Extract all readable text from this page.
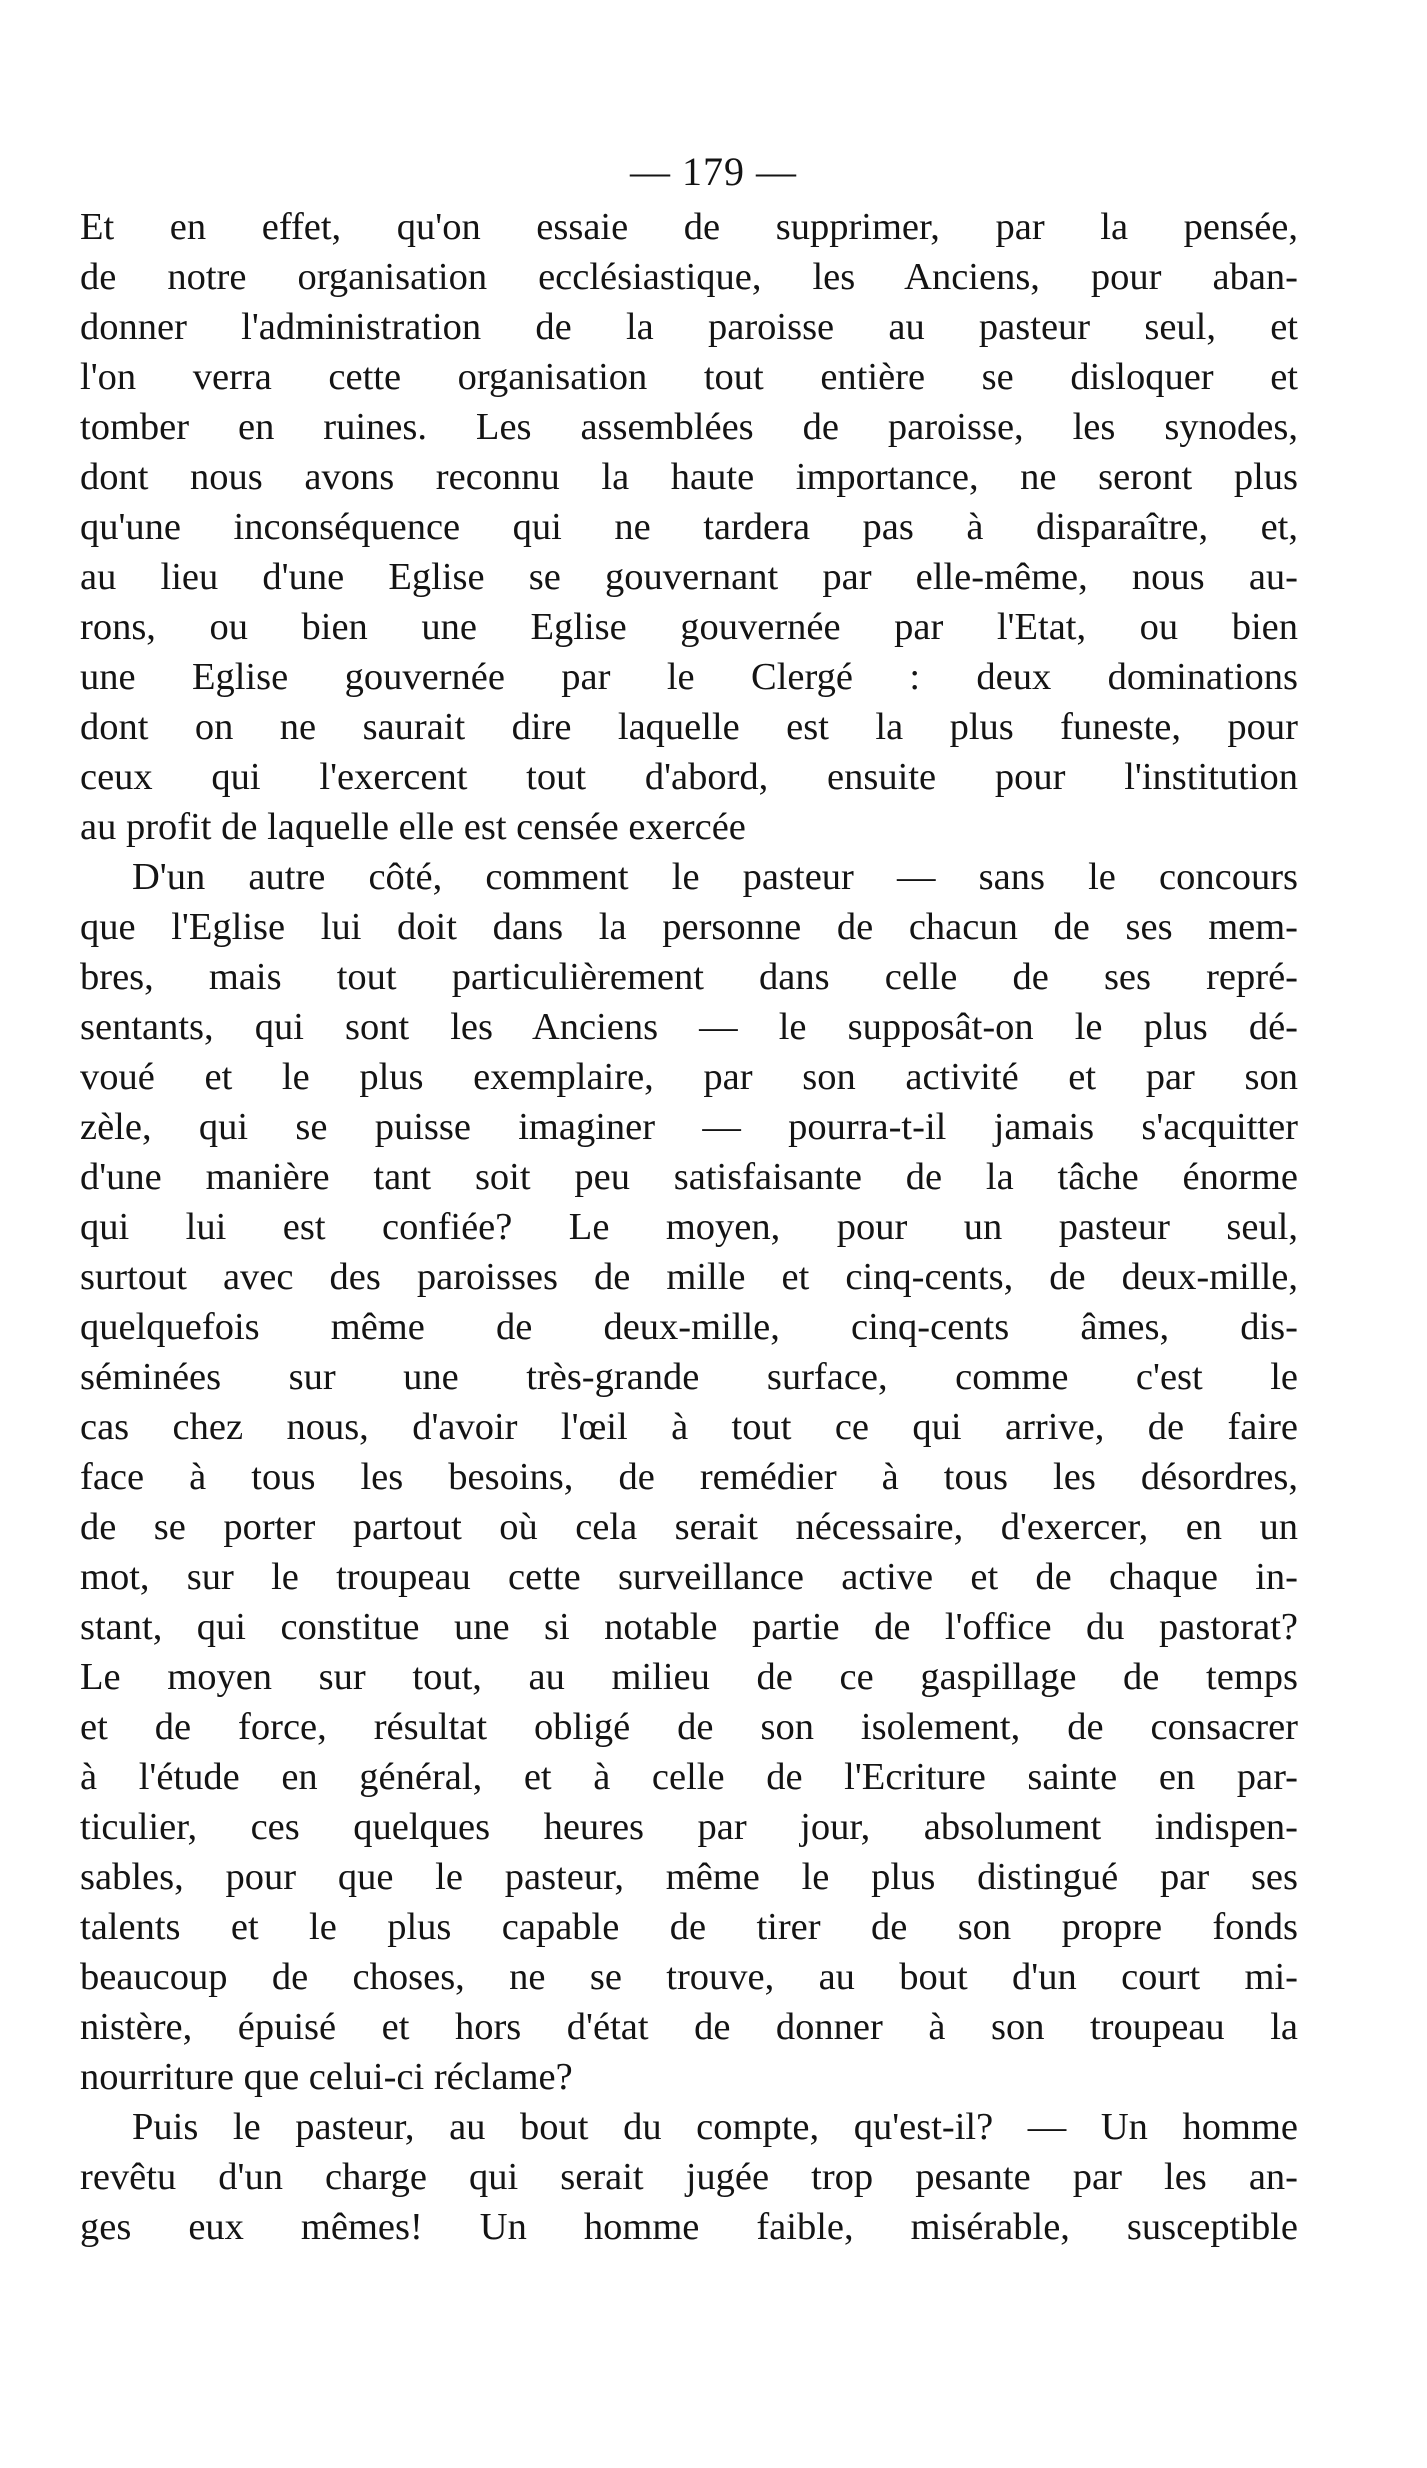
— 179 —
Et en effet, qu'on essaie de supprimer, par la pensée,
de notre organisation ecclésiastique, les Anciens, pour aban-
donner l'administration de la paroisse au pasteur seul, et
l'on verra cette organisation tout entière se disloquer et
tomber en ruines. Les assemblées de paroisse, les synodes,
dont nous avons reconnu la haute importance, ne seront plus
qu'une inconséquence qui ne tardera pas à disparaître, et,
au lieu d'une Eglise se gouvernant par elle-même, nous au-
rons, ou bien une Eglise gouvernée par l'Etat, ou bien
une Eglise gouvernée par le Clergé : deux dominations
dont on ne saurait dire laquelle est la plus funeste, pour
ceux qui l'exercent tout d'abord, ensuite pour l'institution
au profit de laquelle elle est censée exercée
D'un autre côté, comment le pasteur — sans le concours
que l'Eglise lui doit dans la personne de chacun de ses mem-
bres, mais tout particulièrement dans celle de ses repré-
sentants, qui sont les Anciens — le supposât-on le plus dé-
voué et le plus exemplaire, par son activité et par son
zèle, qui se puisse imaginer — pourra-t-il jamais s'acquitter
d'une manière tant soit peu satisfaisante de la tâche énorme
qui lui est confiée? Le moyen, pour un pasteur seul,
surtout avec des paroisses de mille et cinq-cents, de deux-mille,
quelquefois même de deux-mille, cinq-cents âmes, dis-
séminées sur une très-grande surface, comme c'est le
cas chez nous, d'avoir l'œil à tout ce qui arrive, de faire
face à tous les besoins, de remédier à tous les désordres,
de se porter partout où cela serait nécessaire, d'exercer, en un
mot, sur le troupeau cette surveillance active et de chaque in-
stant, qui constitue une si notable partie de l'office du pastorat?
Le moyen sur tout, au milieu de ce gaspillage de temps
et de force, résultat obligé de son isolement, de consacrer
à l'étude en général, et à celle de l'Ecriture sainte en par-
ticulier, ces quelques heures par jour, absolument indispen-
sables, pour que le pasteur, même le plus distingué par ses
talents et le plus capable de tirer de son propre fonds
beaucoup de choses, ne se trouve, au bout d'un court mi-
nistère, épuisé et hors d'état de donner à son troupeau la
nourriture que celui-ci réclame?
Puis le pasteur, au bout du compte, qu'est-il? — Un homme
revêtu d'un charge qui serait jugée trop pesante par les an-
ges eux mêmes! Un homme faible, misérable, susceptible
